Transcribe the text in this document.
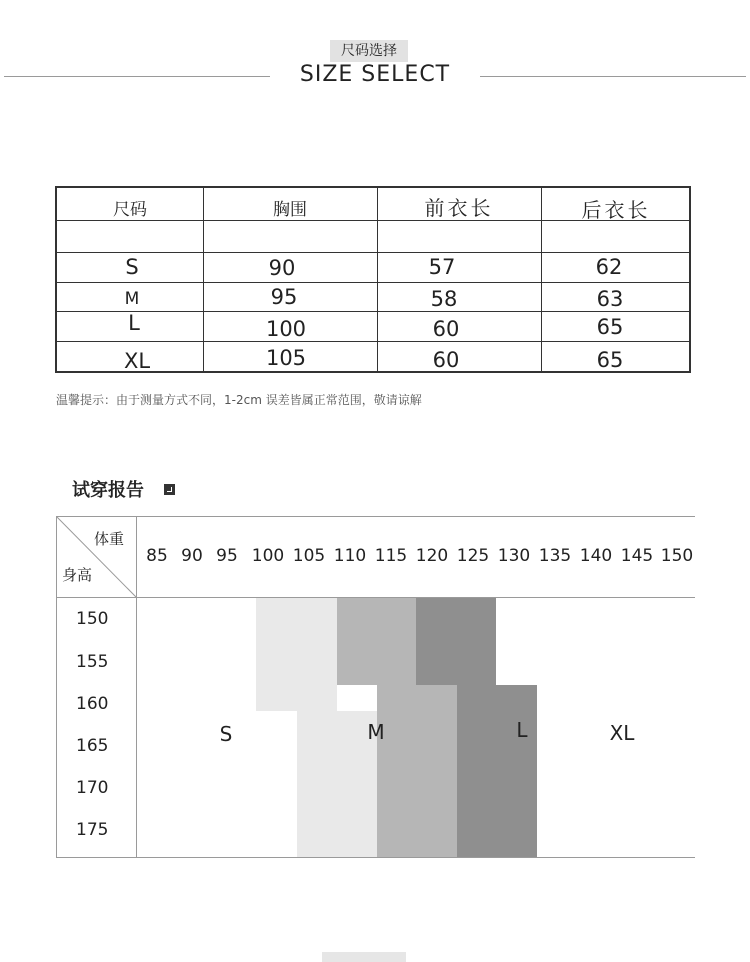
尺码选择
SIZE SELECT
尺码	胸围	前衣长	后衣长
S	90	57	62
M	95	58	63
L	100	60	65
XL	105	60	65
温馨提示：由于测量方式不同，1-2cm 误差皆属正常范围，敬请谅解
试穿报告
体重
身高
85 90 95 100 105 110 115 120 125 130 135 140 145 150
150
155
160
165
170
175
S	M	L	XL
